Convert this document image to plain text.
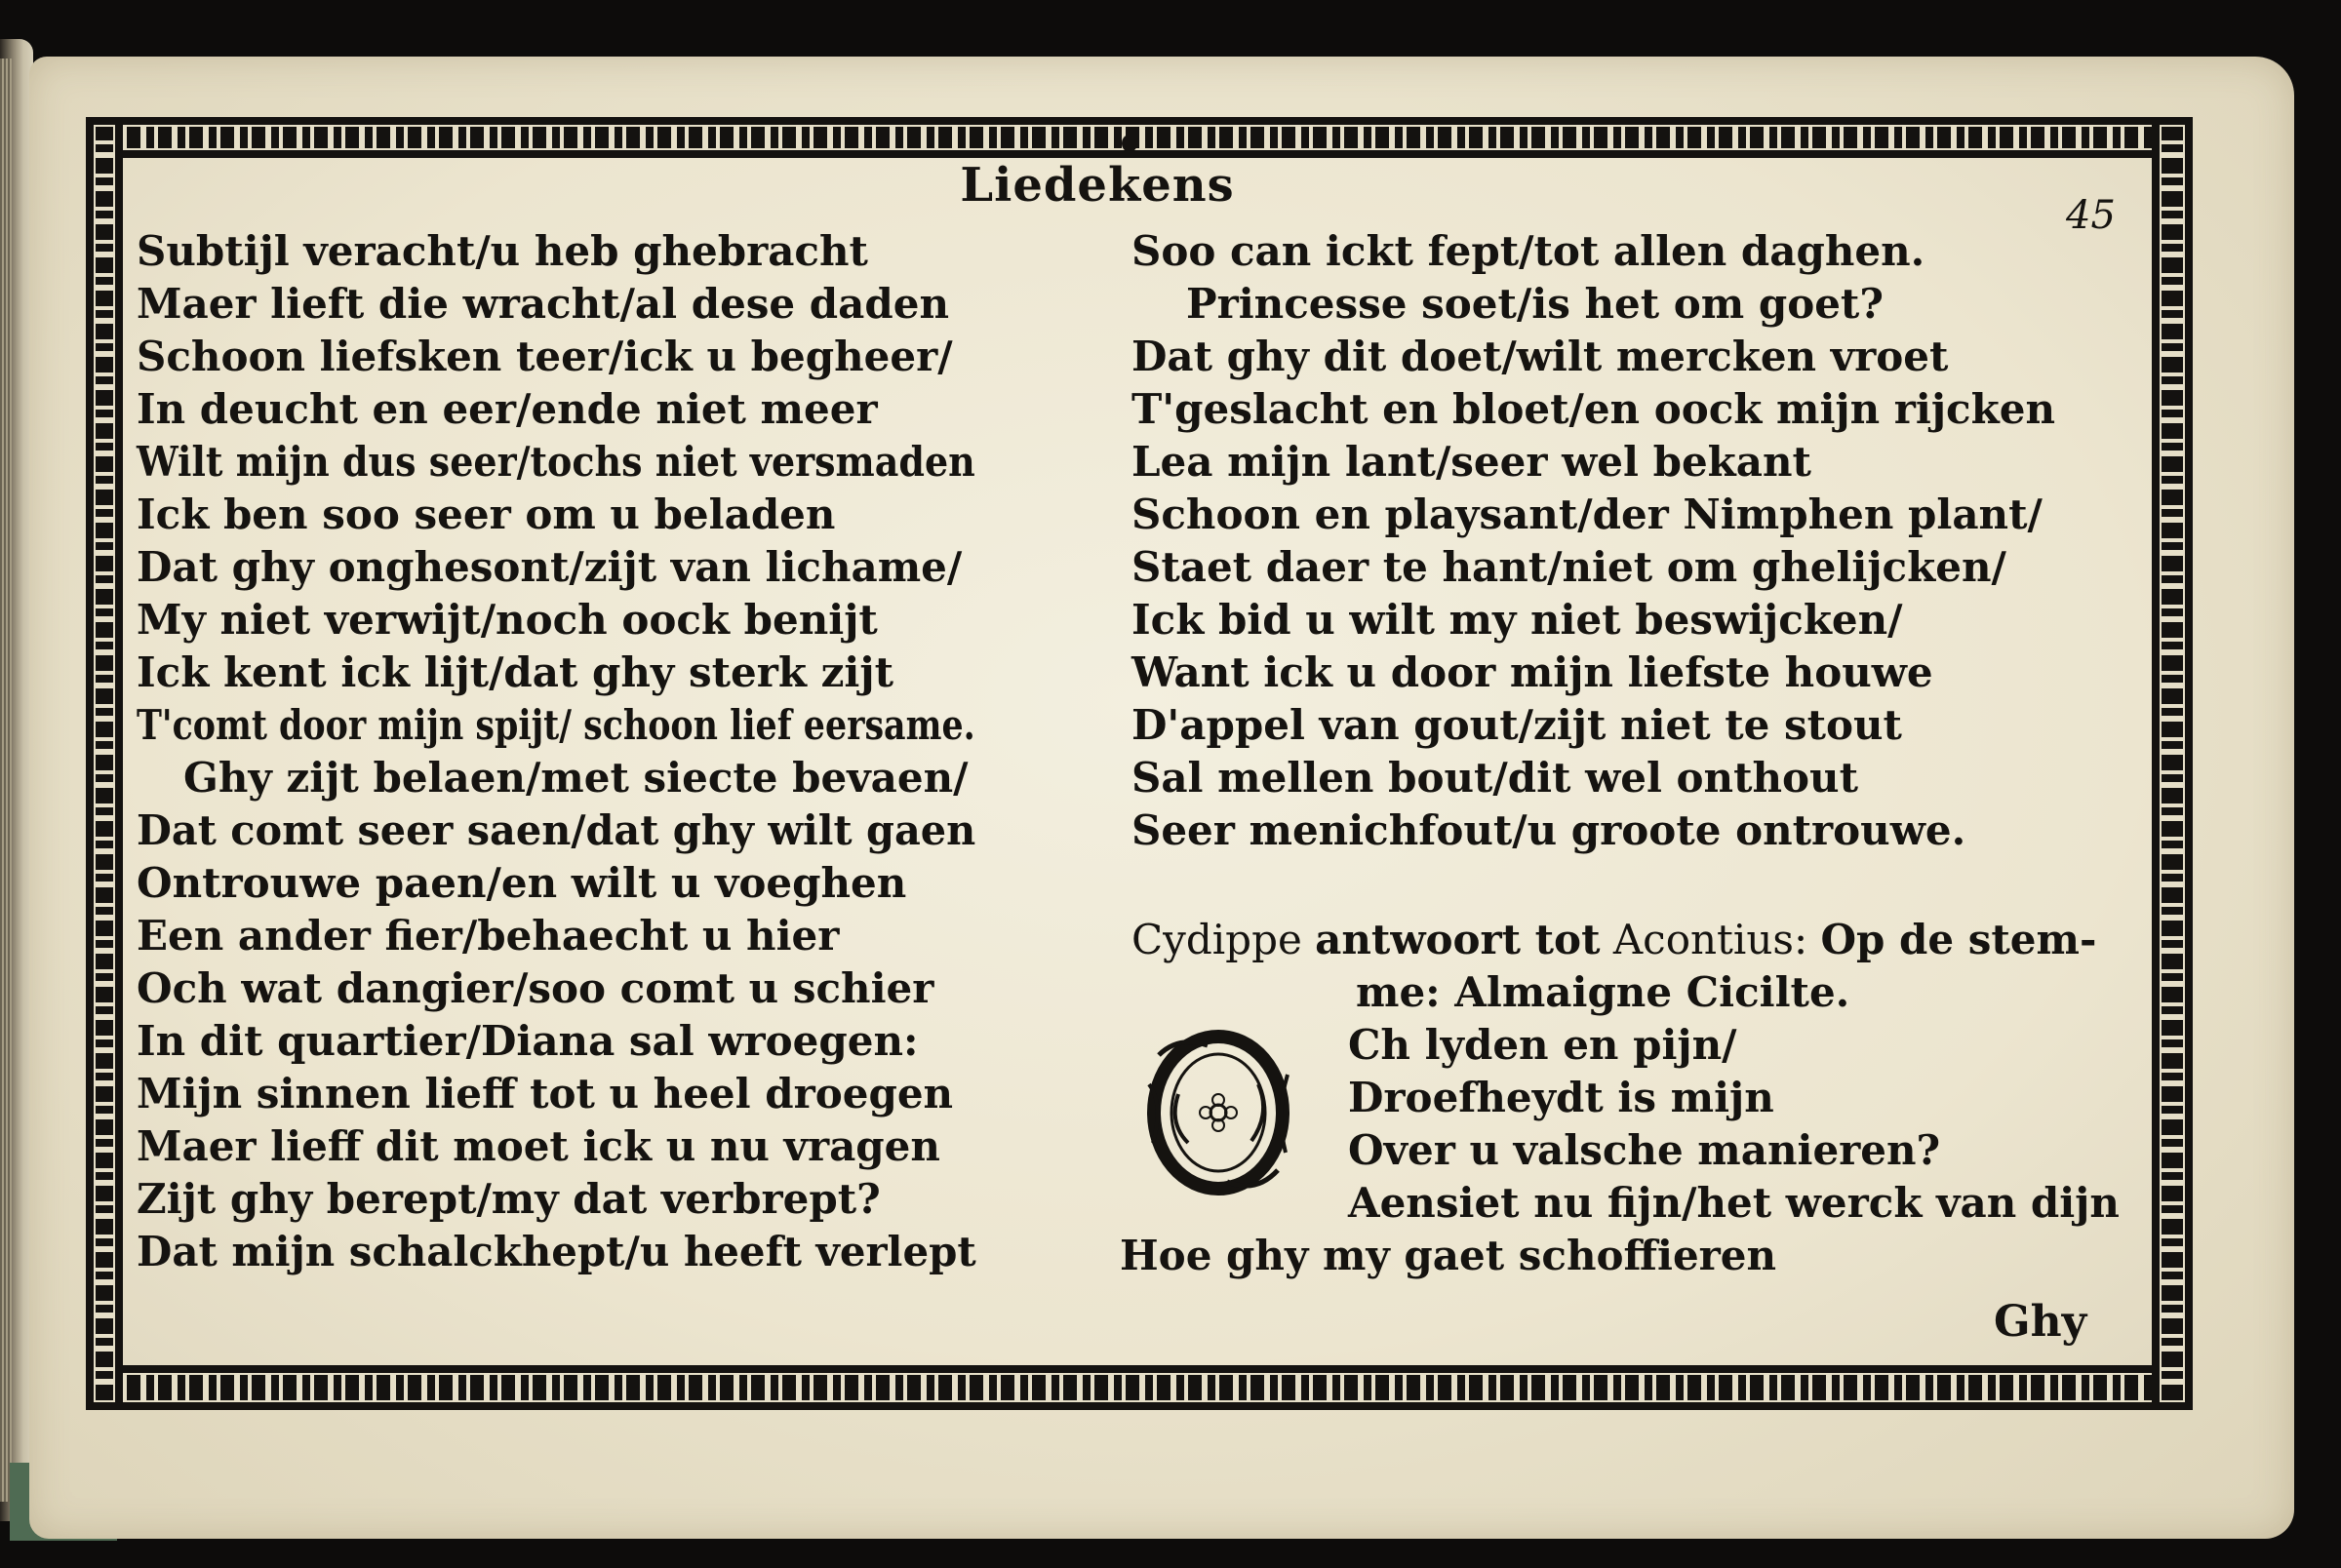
Liedekens
45
Subtijl veracht/u heb ghebracht
Maer lieft die wracht/al dese daden
Schoon liefsken teer/ick u begheer/
In deucht en eer/ende niet meer
Wilt mijn dus seer/tochs niet versmaden
Ick ben soo seer om u beladen
Dat ghy onghesont/zijt van lichame/
My niet verwijt/noch oock benijt
Ick kent ick lijt/dat ghy sterk zijt
T'comt door mijn spijt/ schoon lief eersame.
Ghy zijt belaen/met siecte bevaen/
Dat comt seer saen/dat ghy wilt gaen
Ontrouwe paen/en wilt u voeghen
Een ander fier/behaecht u hier
Och wat dangier/soo comt u schier
In dit quartier/Diana sal wroegen:
Mijn sinnen lieff tot u heel droegen
Maer lieff dit moet ick u nu vragen
Zijt ghy berept/my dat verbrept?
Dat mijn schalckhept/u heeft verlept
Soo can ickt fept/tot allen daghen.
Princesse soet/is het om goet?
Dat ghy dit doet/wilt mercken vroet
T'geslacht en bloet/en oock mijn rijcken
Lea mijn lant/seer wel bekant
Schoon en playsant/der Nimphen plant/
Staet daer te hant/niet om ghelijcken/
Ick bid u wilt my niet beswijcken/
Want ick u door mijn liefste houwe
D'appel van gout/zijt niet te stout
Sal mellen bout/dit wel onthout
Seer menichfout/u groote ontrouwe.
Cydippe antwoort tot Acontius: Op de stem-
me: Almaigne Cicilte.
Ch lyden en pijn/
Droefheydt is mijn
Over u valsche manieren?
Aensiet nu fijn/het werck van dijn
Hoe ghy my gaet schoffieren
Ghy
